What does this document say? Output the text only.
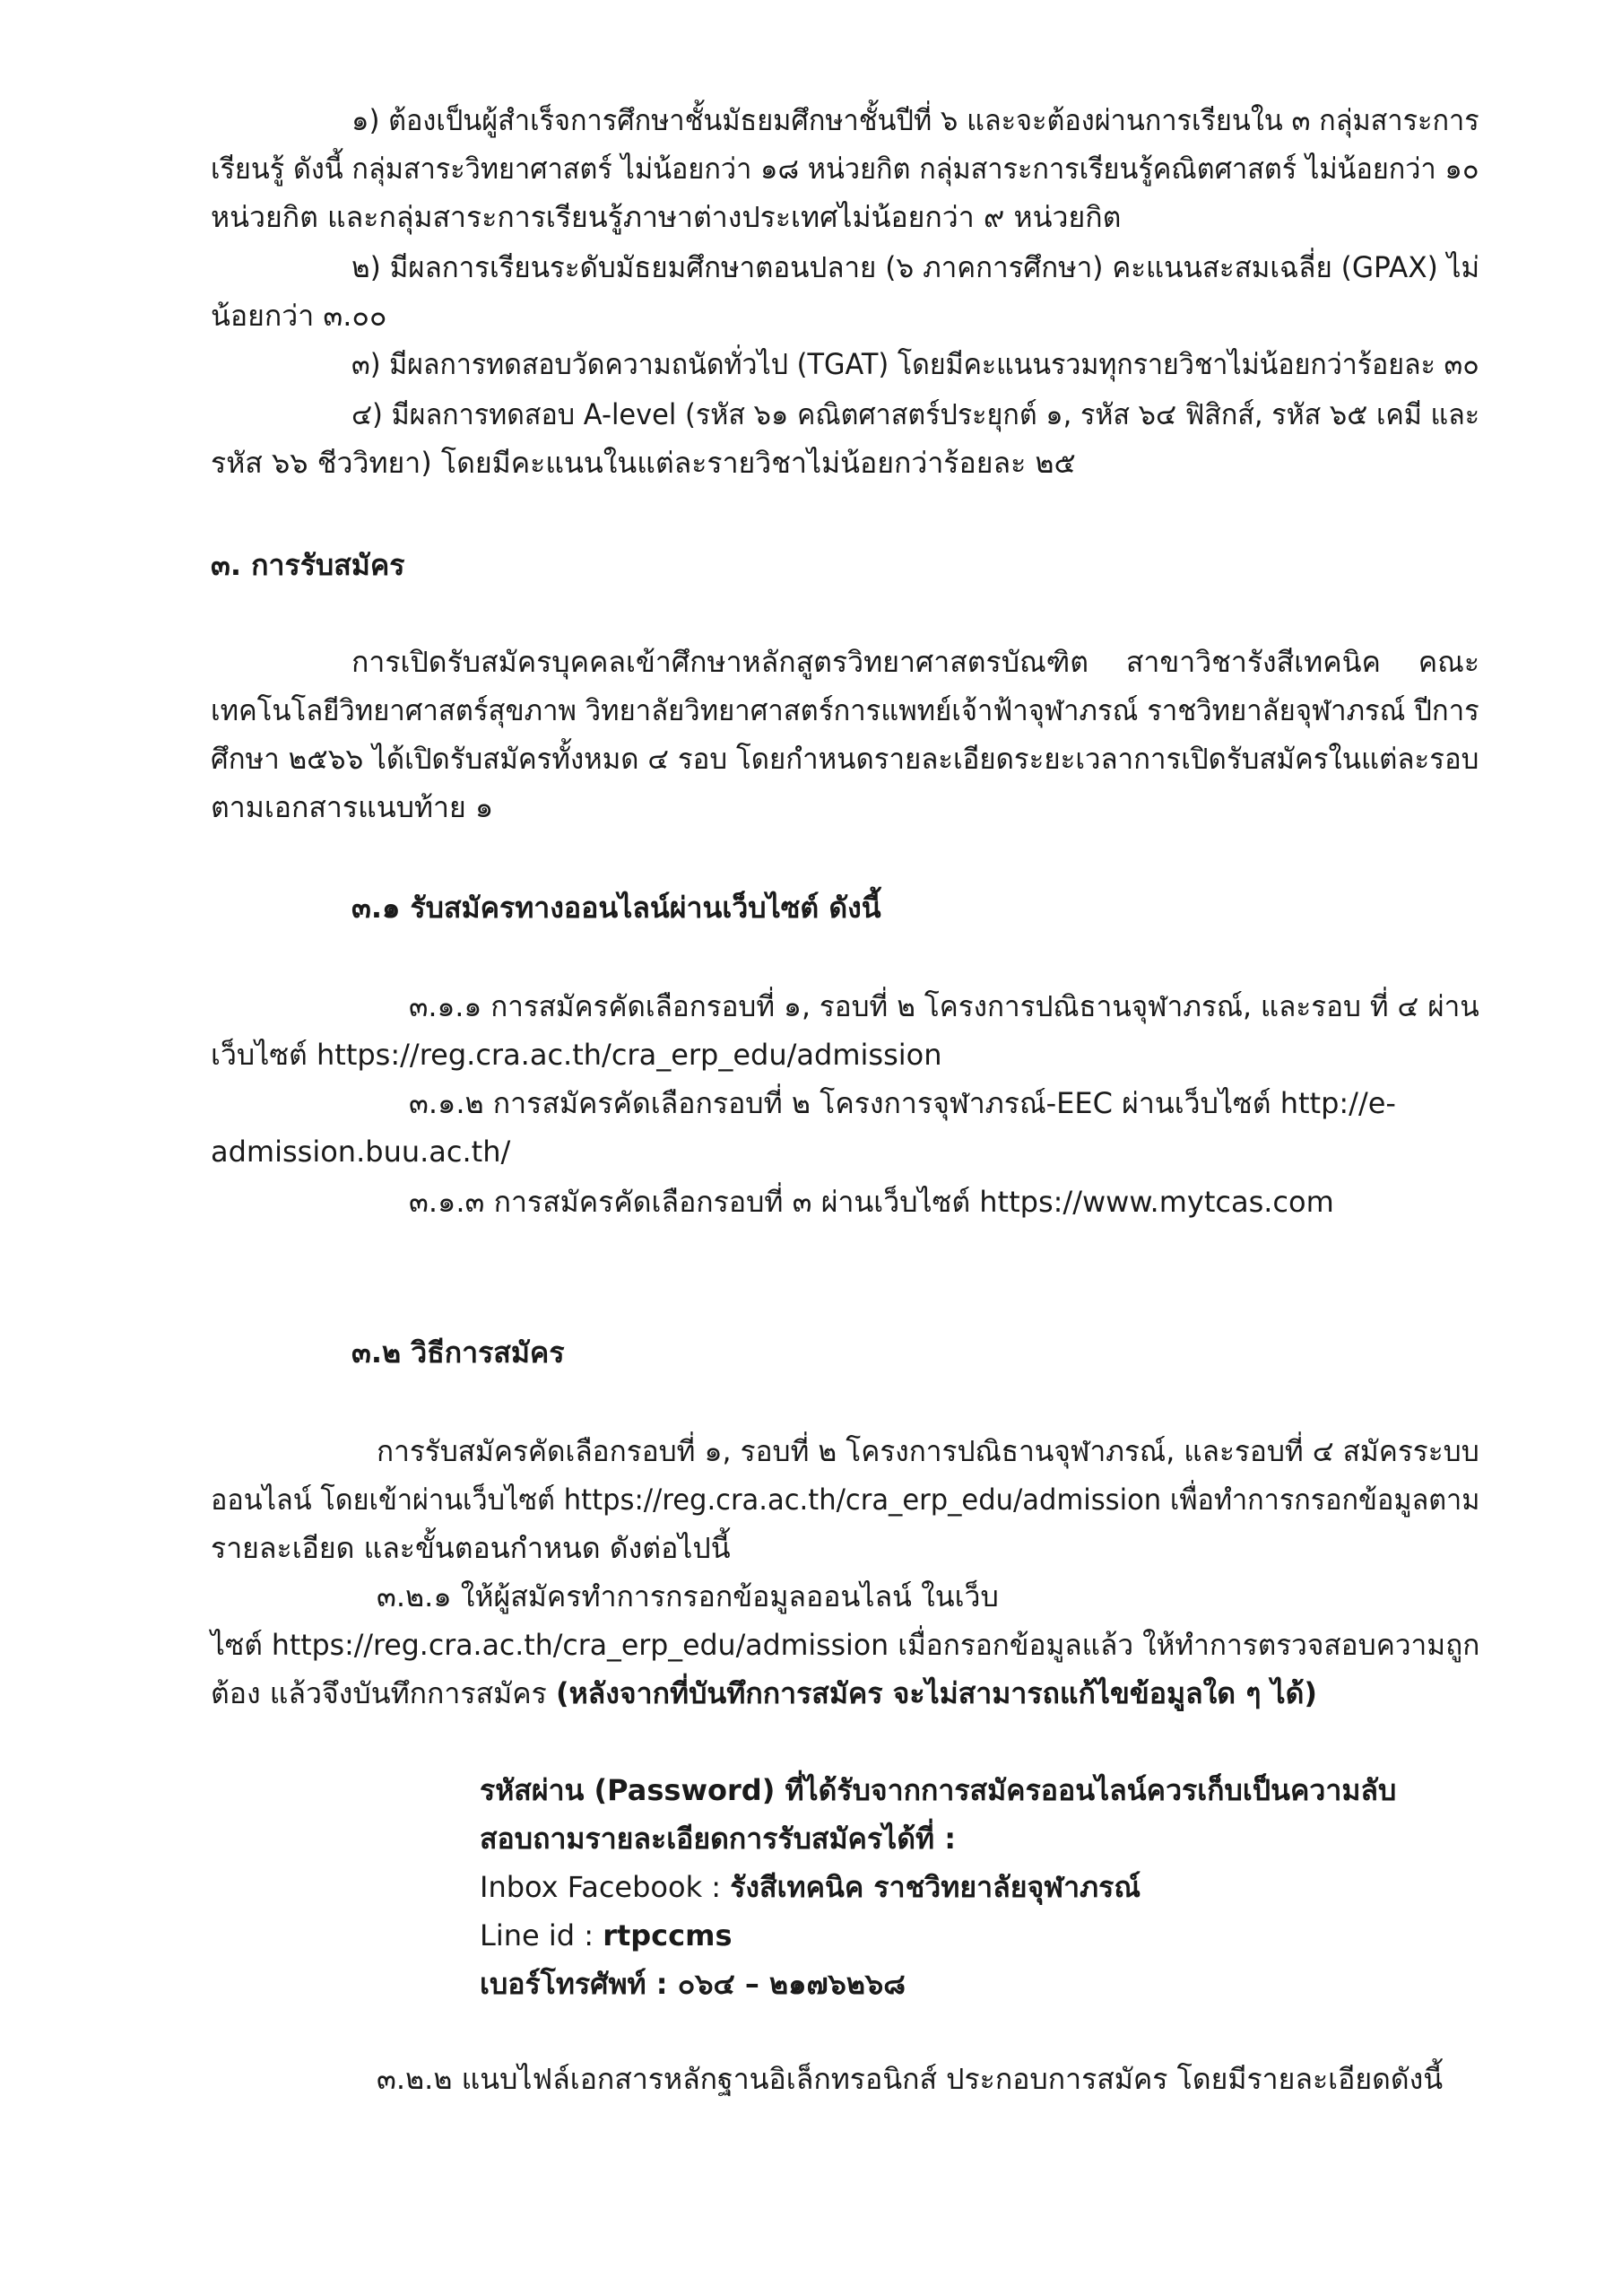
๑) ต้องเป็นผู้สำเร็จการศึกษาชั้นมัธยมศึกษาชั้นปีที่ ๖ และจะต้องผ่านการเรียนใน ๓ กลุ่มสาระการ
เรียนรู้ ดังนี้ กลุ่มสาระวิทยาศาสตร์ ไม่น้อยกว่า ๑๘ หน่วยกิต กลุ่มสาระการเรียนรู้คณิตศาสตร์ ไม่น้อยกว่า ๑๐
หน่วยกิต และกลุ่มสาระการเรียนรู้ภาษาต่างประเทศไม่น้อยกว่า ๙ หน่วยกิต
๒) มีผลการเรียนระดับมัธยมศึกษาตอนปลาย (๖ ภาคการศึกษา) คะแนนสะสมเฉลี่ย (GPAX) ไม่
น้อยกว่า ๓.๐๐
๓) มีผลการทดสอบวัดความถนัดทั่วไป (TGAT) โดยมีคะแนนรวมทุกรายวิชาไม่น้อยกว่าร้อยละ ๓๐
๔) มีผลการทดสอบ A-level (รหัส ๖๑ คณิตศาสตร์ประยุกต์ ๑, รหัส ๖๔ ฟิสิกส์, รหัส ๖๕ เคมี และ
รหัส ๖๖ ชีววิทยา) โดยมีคะแนนในแต่ละรายวิชาไม่น้อยกว่าร้อยละ ๒๕
๓. การรับสมัคร
การเปิดรับสมัครบุคคลเข้าศึกษาหลักสูตรวิทยาศาสตรบัณฑิต สาขาวิชารังสีเทคนิค คณะ
เทคโนโลยีวิทยาศาสตร์สุขภาพ วิทยาลัยวิทยาศาสตร์การแพทย์เจ้าฟ้าจุฬาภรณ์ ราชวิทยาลัยจุฬาภรณ์ ปีการ
ศึกษา ๒๕๖๖ ได้เปิดรับสมัครทั้งหมด ๔ รอบ โดยกำหนดรายละเอียดระยะเวลาการเปิดรับสมัครในแต่ละรอบ
ตามเอกสารแนบท้าย ๑
๓.๑ รับสมัครทางออนไลน์ผ่านเว็บไซต์ ดังนี้
๓.๑.๑ การสมัครคัดเลือกรอบที่ ๑, รอบที่ ๒ โครงการปณิธานจุฬาภรณ์, และรอบ ที่ ๔ ผ่าน
เว็บไซต์ https://reg.cra.ac.th/cra_erp_edu/admission
๓.๑.๒ การสมัครคัดเลือกรอบที่ ๒ โครงการจุฬาภรณ์-EEC ผ่านเว็บไซต์ http://e-
admission.buu.ac.th/
๓.๑.๓ การสมัครคัดเลือกรอบที่ ๓ ผ่านเว็บไซต์ https://www.mytcas.com
๓.๒ วิธีการสมัคร
การรับสมัครคัดเลือกรอบที่ ๑, รอบที่ ๒ โครงการปณิธานจุฬาภรณ์, และรอบที่ ๔ สมัครระบบ
ออนไลน์ โดยเข้าผ่านเว็บไซต์ https://reg.cra.ac.th/cra_erp_edu/admission เพื่อทำการกรอกข้อมูลตาม
รายละเอียด และขั้นตอนกำหนด ดังต่อไปนี้
๓.๒.๑ ให้ผู้สมัครทำการกรอกข้อมูลออนไลน์ ในเว็บ
ไซต์ https://reg.cra.ac.th/cra_erp_edu/admission เมื่อกรอกข้อมูลแล้ว ให้ทำการตรวจสอบความถูก
ต้อง แล้วจึงบันทึกการสมัคร (หลังจากที่บันทึกการสมัคร จะไม่สามารถแก้ไขข้อมูลใด ๆ ได้)
รหัสผ่าน (Password) ที่ได้รับจากการสมัครออนไลน์ควรเก็บเป็นความลับ
สอบถามรายละเอียดการรับสมัครได้ที่ :
Inbox Facebook : รังสีเทคนิค ราชวิทยาลัยจุฬาภรณ์
Line id : rtpccms
เบอร์โทรศัพท์ : ๐๖๔ – ๒๑๗๖๒๖๘
๓.๒.๒ แนบไฟล์เอกสารหลักฐานอิเล็กทรอนิกส์ ประกอบการสมัคร โดยมีรายละเอียดดังนี้
